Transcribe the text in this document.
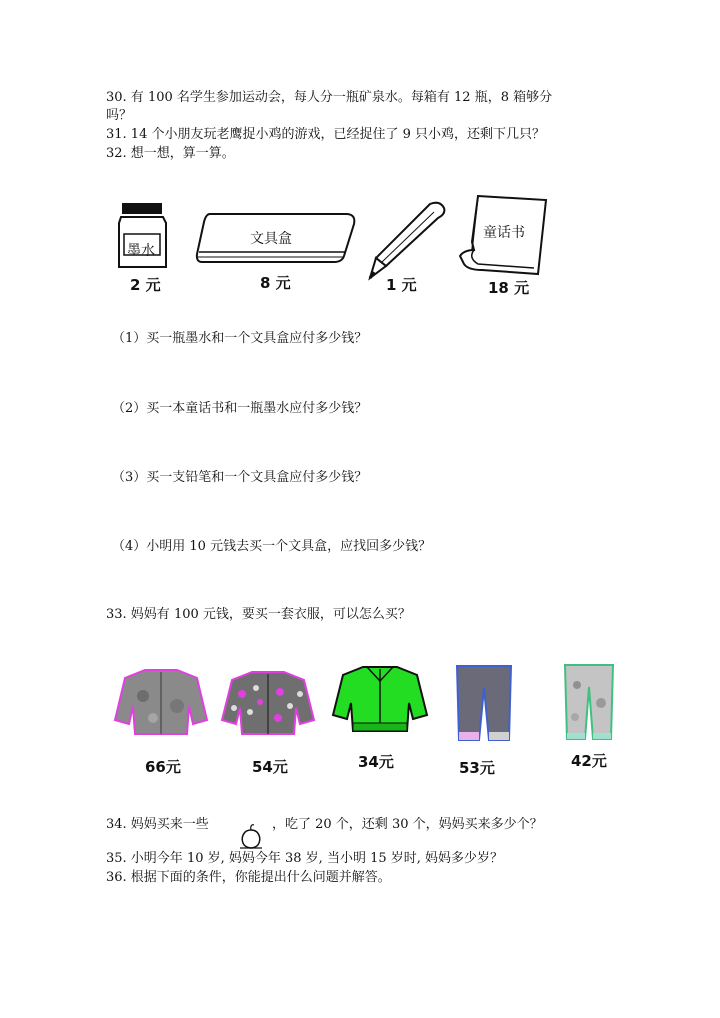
30. 有 100 名学生参加运动会，每人分一瓶矿泉水。每箱有 12 瓶，8 箱够分
吗？
31. 14 个小朋友玩老鹰捉小鸡的游戏，已经捉住了 9 只小鸡，还剩下几只？
32. 想一想，算一算。
墨水
2 元
文具盒
8 元	1 元
童话书
18 元
（1）买一瓶墨水和一个文具盒应付多少钱？
（2）买一本童话书和一瓶墨水应付多少钱？
（3）买一支铅笔和一个文具盒应付多少钱？
（4）小明用 10 元钱去买一个文具盒，应找回多少钱？
33. 妈妈有 100 元钱，要买一套衣服，可以怎么买？
66元	54元	34元	53元	42元
34. 妈妈买来一些	，吃了 20 个，还剩 30 个，妈妈买来多少个？
35. 小明今年 10 岁, 妈妈今年 38 岁, 当小明 15 岁时, 妈妈多少岁？
36. 根据下面的条件，你能提出什么问题并解答。
